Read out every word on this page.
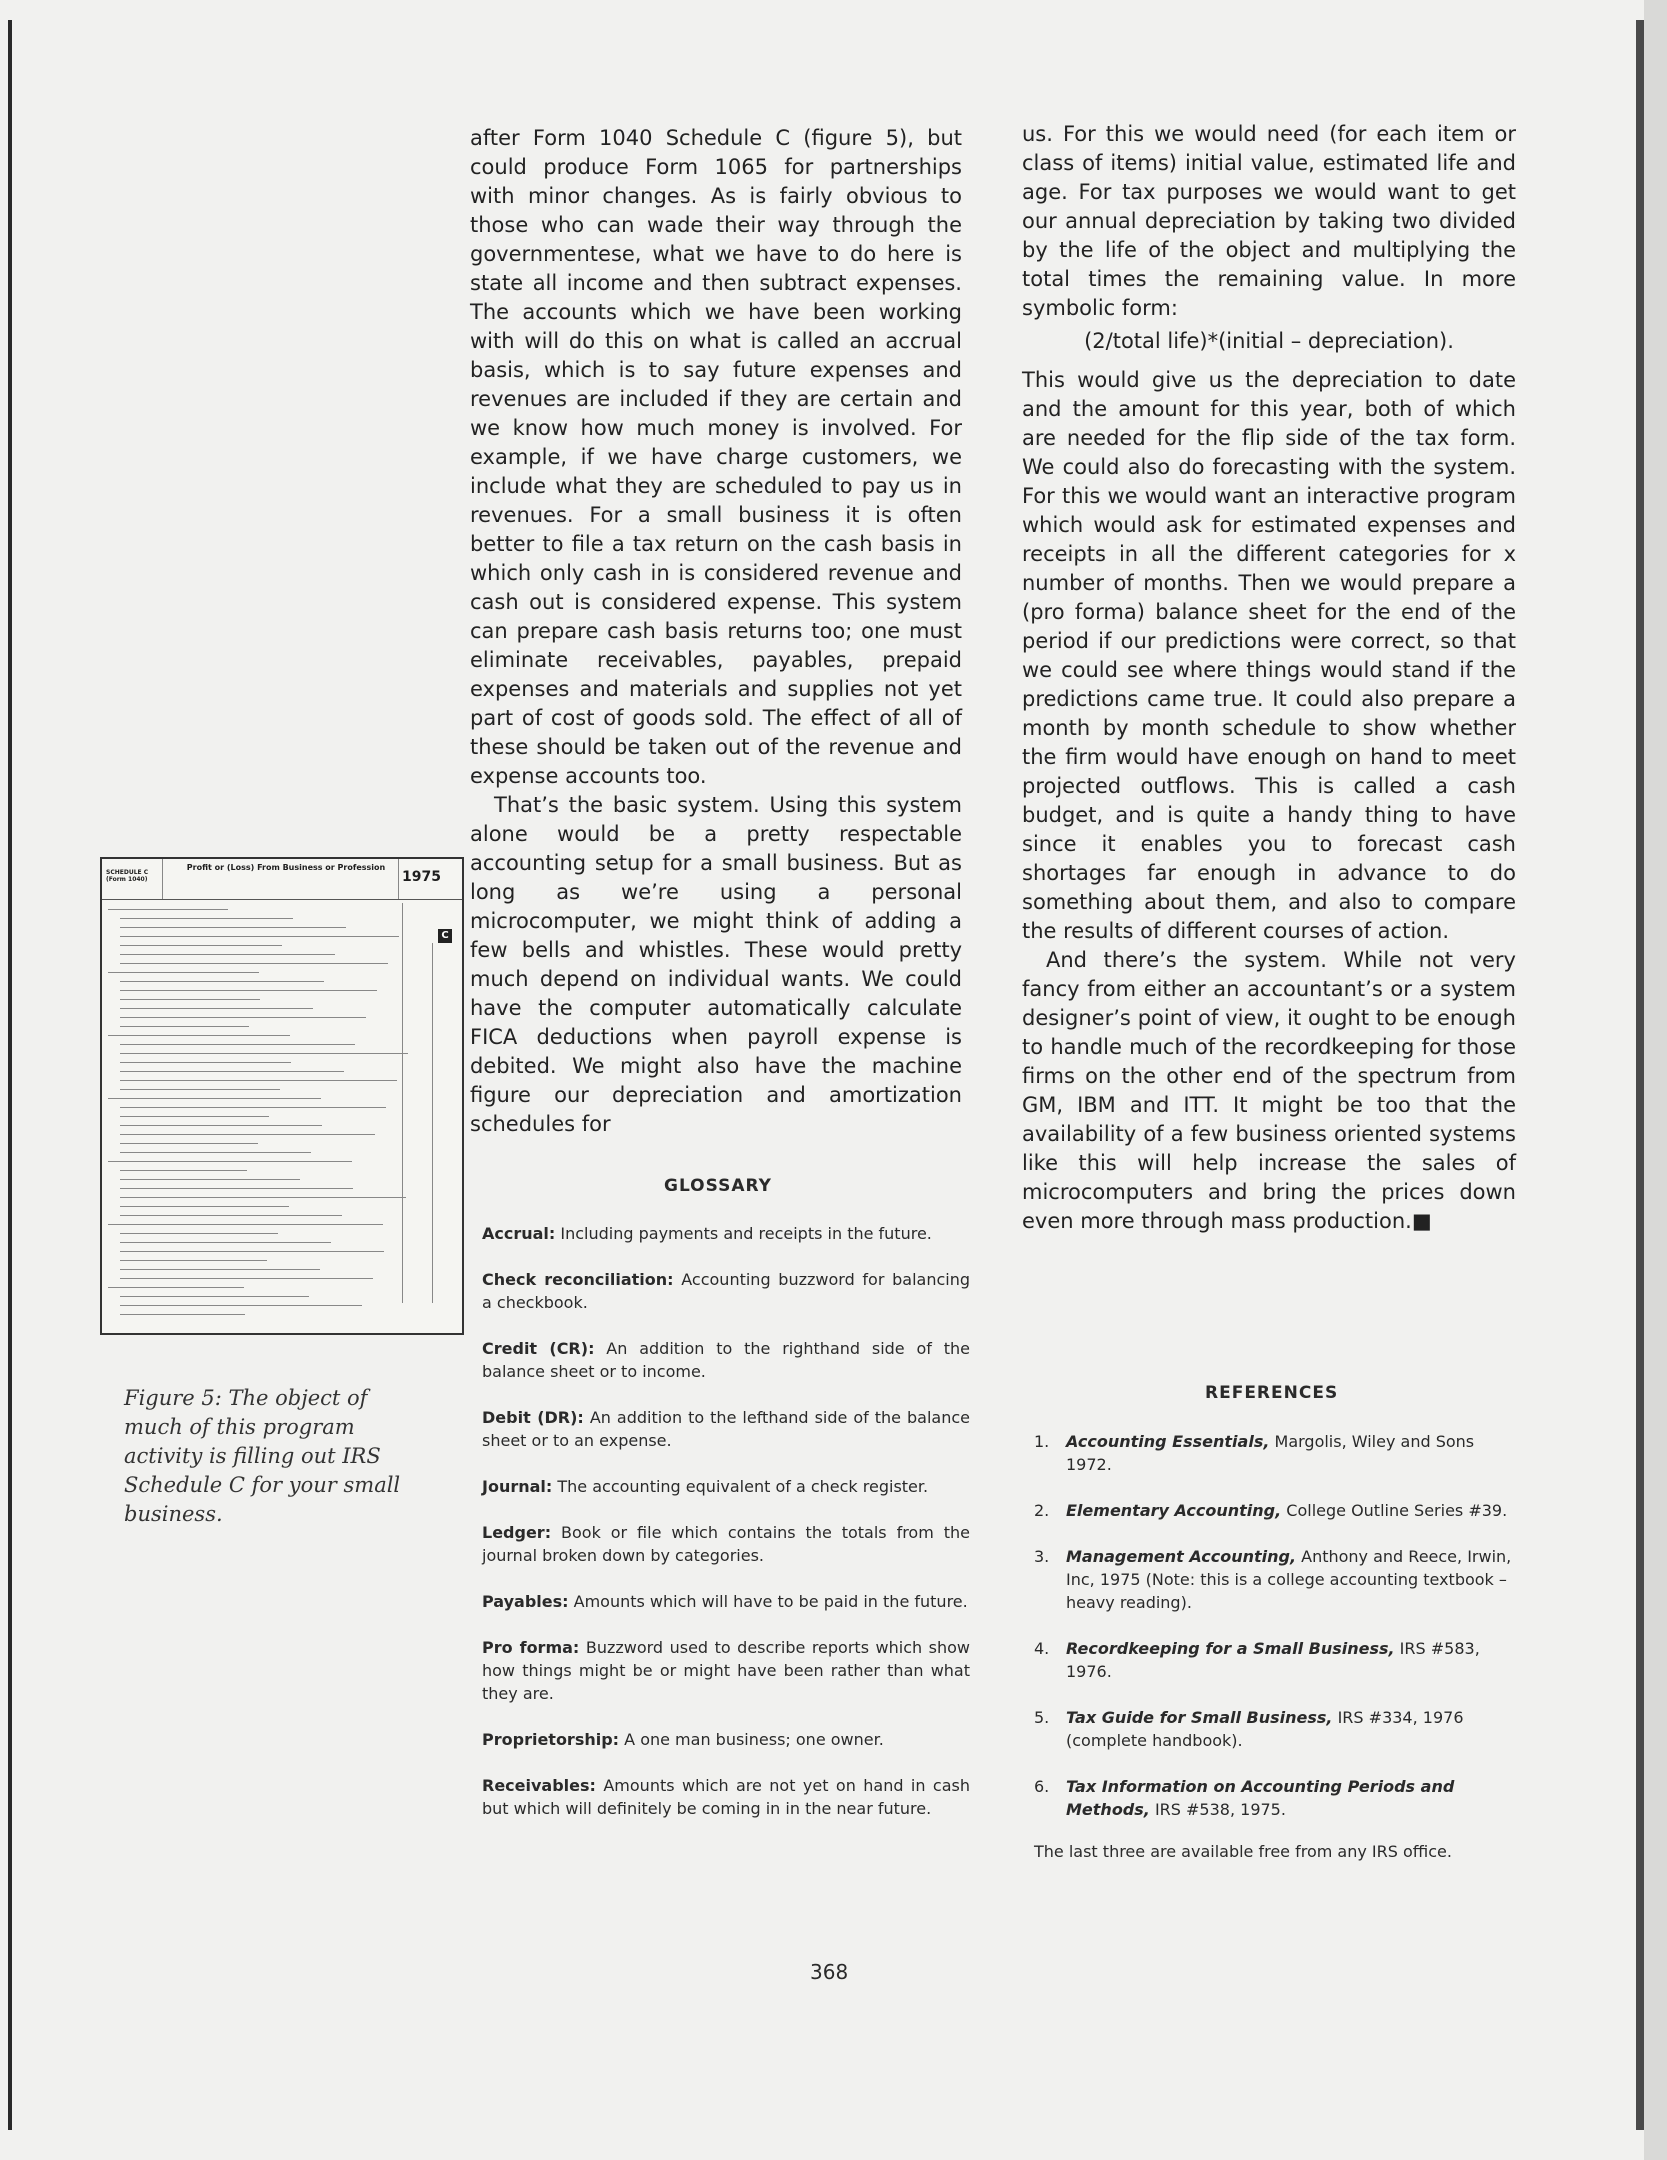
SCHEDULE C (Form 1040)
Profit or (Loss) From Business or Profession
1975
C
Figure 5: The object of much of this program activity is filling out IRS Schedule C for your small business.

after Form 1040 Schedule C (figure 5), but could produce Form 1065 for partnerships with minor changes. As is fairly obvious to those who can wade their way through the governmentese, what we have to do here is state all income and then subtract expenses. The accounts which we have been working with will do this on what is called an accrual basis, which is to say future expenses and revenues are included if they are certain and we know how much money is involved. For example, if we have charge customers, we include what they are scheduled to pay us in revenues. For a small business it is often better to file a tax return on the cash basis in which only cash in is considered revenue and cash out is considered expense. This system can prepare cash basis returns too; one must eliminate receivables, payables, prepaid expenses and materials and supplies not yet part of cost of goods sold. The effect of all of these should be taken out of the revenue and expense accounts too.

That’s the basic system. Using this system alone would be a pretty respectable accounting setup for a small business. But as long as we’re using a personal microcomputer, we might think of adding a few bells and whistles. These would pretty much depend on individual wants. We could have the computer automatically calculate FICA deductions when payroll expense is debited. We might also have the machine figure our depreciation and amortization schedules for

us. For this we would need (for each item or class of items) initial value, estimated life and age. For tax purposes we would want to get our annual depreciation by taking two divided by the life of the object and multiplying the total times the remaining value. In more symbolic form:

(2/total life)*(initial – depreciation).

This would give us the depreciation to date and the amount for this year, both of which are needed for the flip side of the tax form. We could also do forecasting with the system. For this we would want an interactive program which would ask for estimated expenses and receipts in all the different categories for x number of months. Then we would prepare a (pro forma) balance sheet for the end of the period if our predictions were correct, so that we could see where things would stand if the predictions came true. It could also prepare a month by month schedule to show whether the firm would have enough on hand to meet projected outflows. This is called a cash budget, and is quite a handy thing to have since it enables you to forecast cash shortages far enough in advance to do something about them, and also to compare the results of different courses of action.

And there’s the system. While not very fancy from either an accountant’s or a system designer’s point of view, it ought to be enough to handle much of the recordkeeping for those firms on the other end of the spectrum from GM, IBM and ITT. It might be too that the availability of a few business oriented systems like this will help increase the sales of microcomputers and bring the prices down even more through mass production.■

GLOSSARY

Accrual: Including payments and receipts in the future.

Check reconciliation: Accounting buzzword for balancing a checkbook.

Credit (CR): An addition to the righthand side of the balance sheet or to income.

Debit (DR): An addition to the lefthand side of the balance sheet or to an expense.

Journal: The accounting equivalent of a check register.

Ledger: Book or file which contains the totals from the journal broken down by categories.

Payables: Amounts which will have to be paid in the future.

Pro forma: Buzzword used to describe reports which show how things might be or might have been rather than what they are.

Proprietorship: A one man business; one owner.

Receivables: Amounts which are not yet on hand in cash but which will definitely be coming in in the near future.

REFERENCES
1. Accounting Essentials, Margolis, Wiley and Sons 1972.
2. Elementary Accounting, College Outline Series #39.
3. Management Accounting, Anthony and Reece, Irwin, Inc, 1975 (Note: this is a college accounting textbook – heavy reading).
4. Recordkeeping for a Small Business, IRS #583, 1976.
5. Tax Guide for Small Business, IRS #334, 1976 (complete handbook).
6. Tax Information on Accounting Periods and Methods, IRS #538, 1975.
The last three are available free from any IRS office.
368
